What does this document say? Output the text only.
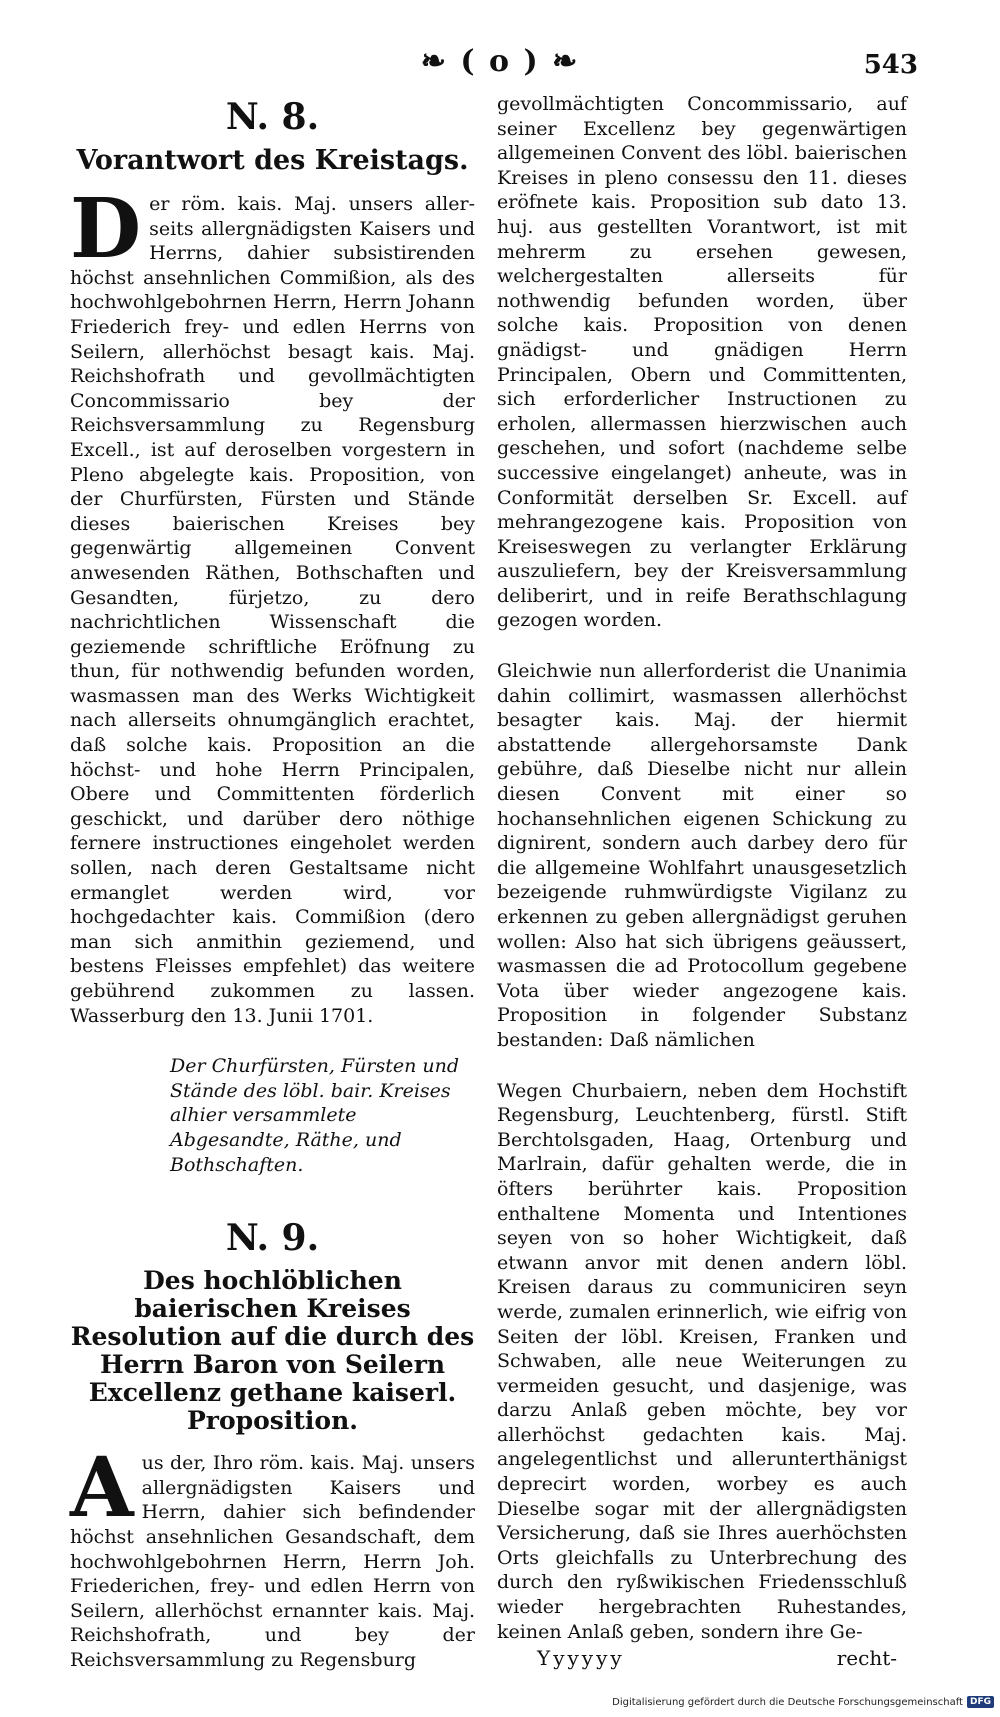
❧ ( o ) ❧	543
N. 8.
Vorantwort des Kreistags.

D er röm. kais. Maj. unsers aller-seits allergnädigsten Kaisers und Herrns, dahier subsistirenden höchst ansehnlichen Commißion, als des hochwohlgebohrnen Herrn, Herrn Johann Friederich frey- und edlen Herrns von Seilern, allerhöchst besagt kais. Maj. Reichshofrath und gevollmächtigten Concommissario bey der Reichsversammlung zu Regensburg Excell., ist auf deroselben vorgestern in Pleno abgelegte kais. Proposition, von der Churfürsten, Fürsten und Stände dieses baierischen Kreises bey gegenwärtig allgemeinen Convent anwesenden Räthen, Bothschaften und Gesandten, fürjetzo, zu dero nachrichtlichen Wissenschaft die geziemende schriftliche Eröfnung zu thun, für nothwendig befunden worden, wasmassen man des Werks Wichtigkeit nach allerseits ohnumgänglich erachtet, daß solche kais. Proposition an die höchst- und hohe Herrn Principalen, Obere und Committenten förderlich geschickt, und darüber dero nöthige fernere instructiones eingeholet werden sollen, nach deren Gestaltsame nicht ermanglet werden wird, vor hochgedachter kais. Commißion (dero man sich anmithin geziemend, und bestens Fleisses empfehlet) das weitere gebührend zukommen zu lassen. Wasserburg den 13. Junii 1701.

Der Churfürsten, Fürsten und Stände des löbl. bair. Kreises alhier versammlete Abgesandte, Räthe, und Bothschaften.
N. 9.
Des hochlöblichen baierischen Kreises Resolution auf die durch des Herrn Baron von Seilern Excellenz gethane kaiserl. Proposition.

A us der, Ihro röm. kais. Maj. unsers allergnädigsten Kaisers und Herrn, dahier sich befindender höchst ansehnlichen Gesandschaft, dem hochwohlgebohrnen Herrn, Herrn Joh. Friederichen, frey- und edlen Herrn von Seilern, allerhöchst ernannter kais. Maj. Reichshofrath, und bey der Reichsversammlung zu Regensburg

gevollmächtigten Concommissario, auf seiner Excellenz bey gegenwärtigen allgemeinen Convent des löbl. baierischen Kreises in pleno consessu den 11. dieses eröfnete kais. Proposition sub dato 13. huj. aus gestellten Vorantwort, ist mit mehrerm zu ersehen gewesen, welchergestalten allerseits für nothwendig befunden worden, über solche kais. Proposition von denen gnädigst- und gnädigen Herrn Principalen, Obern und Committenten, sich erforderlicher Instructionen zu erholen, allermassen hierzwischen auch geschehen, und sofort (nachdeme selbe successive eingelanget) anheute, was in Conformität derselben Sr. Excell. auf mehrangezogene kais. Proposition von Kreiseswegen zu verlangter Erklärung auszuliefern, bey der Kreisversammlung deliberirt, und in reife Berathschlagung gezogen worden.

Gleichwie nun allerforderist die Unanimia dahin collimirt, wasmassen allerhöchst besagter kais. Maj. der hiermit abstattende allergehorsamste Dank gebühre, daß Dieselbe nicht nur allein diesen Convent mit einer so hochansehnlichen eigenen Schickung zu dignirent, sondern auch darbey dero für die allgemeine Wohlfahrt unausgesetzlich bezeigende ruhmwürdigste Vigilanz zu erkennen zu geben allergnädigst geruhen wollen: Also hat sich übrigens geäussert, wasmassen die ad Protocollum gegebene Vota über wieder angezogene kais. Proposition in folgender Substanz bestanden: Daß nämlichen

Wegen Churbaiern, neben dem Hochstift Regensburg, Leuchtenberg, fürstl. Stift Berchtolsgaden, Haag, Ortenburg und Marlrain, dafür gehalten werde, die in öfters berührter kais. Proposition enthaltene Momenta und Intentiones seyen von so hoher Wichtigkeit, daß etwann anvor mit denen andern löbl. Kreisen daraus zu communiciren seyn werde, zumalen erinnerlich, wie eifrig von Seiten der löbl. Kreisen, Franken und Schwaben, alle neue Weiterungen zu vermeiden gesucht, und dasjenige, was darzu Anlaß geben möchte, bey vor allerhöchst gedachten kais. Maj. angelegentlichst und allerunterthänigst deprecirt worden, worbey es auch Dieselbe sogar mit der allergnädigsten Versicherung, daß sie Ihres auerhöchsten Orts gleichfalls zu Unterbrechung des durch den ryßwikischen Friedensschluß wieder hergebrachten Ruhestandes, keinen Anlaß geben, sondern ihre Ge-

Yyyyyy	recht-
Digitalisierung gefördert durch die Deutsche Forschungsgemeinschaft DFG
